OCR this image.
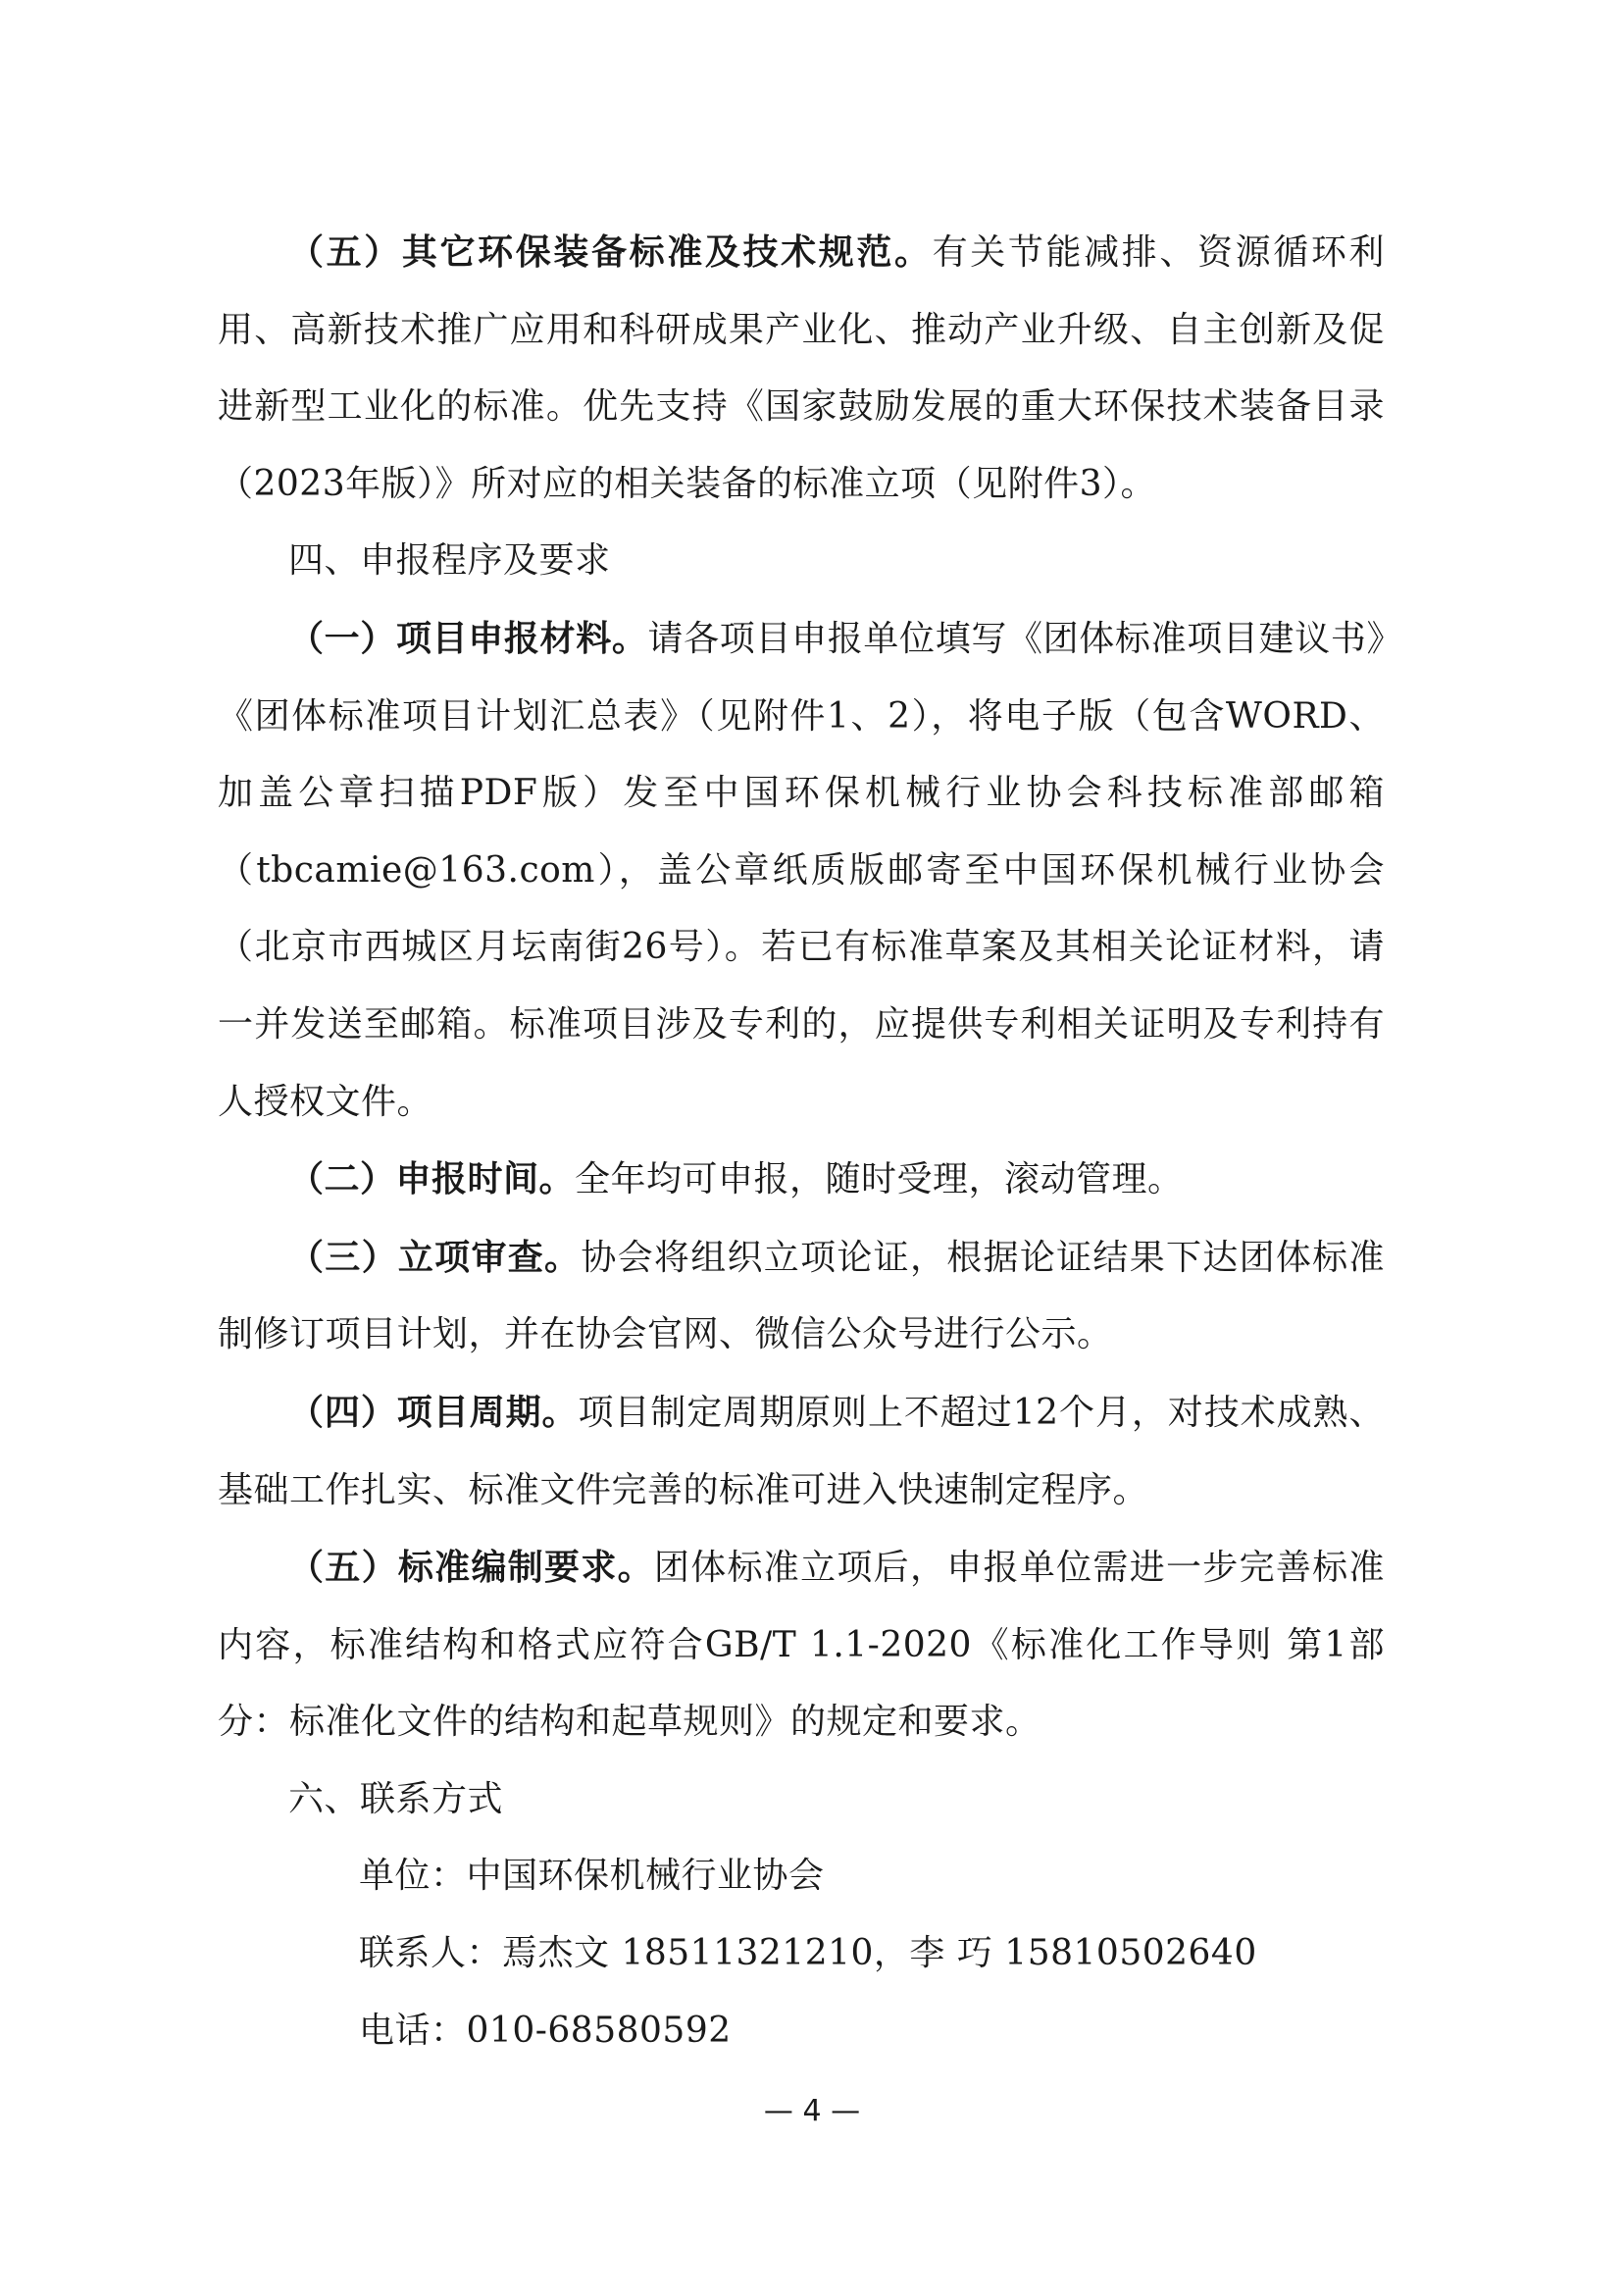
（五）其它环保装备标准及技术规范。有关节能减排、资源循环利用、高新技术推广应用和科研成果产业化、推动产业升级、自主创新及促进新型工业化的标准。优先支持《国家鼓励发展的重大环保技术装备目录（2023年版）》所对应的相关装备的标准立项（见附件3）。

四、申报程序及要求

（一）项目申报材料。请各项目申报单位填写《团体标准项目建议书》《团体标准项目计划汇总表》（见附件1、2），将电子版（包含WORD、加盖公章扫描PDF版）发至中国环保机械行业协会科技标准部邮箱（tbcamie@163.com），盖公章纸质版邮寄至中国环保机械行业协会（北京市西城区月坛南街26号）。若已有标准草案及其相关论证材料，请一并发送至邮箱。标准项目涉及专利的，应提供专利相关证明及专利持有人授权文件。

（二）申报时间。全年均可申报，随时受理，滚动管理。

（三）立项审查。协会将组织立项论证，根据论证结果下达团体标准制修订项目计划，并在协会官网、微信公众号进行公示。

（四）项目周期。项目制定周期原则上不超过12个月，对技术成熟、基础工作扎实、标准文件完善的标准可进入快速制定程序。

（五）标准编制要求。团体标准立项后，申报单位需进一步完善标准内容，标准结构和格式应符合GB/T 1.1-2020《标准化工作导则 第1部分：标准化文件的结构和起草规则》的规定和要求。

六、联系方式

单位：中国环保机械行业协会

联系人：焉杰文 18511321210，李 巧 15810502640

电话：010-68580592

— 4 —
